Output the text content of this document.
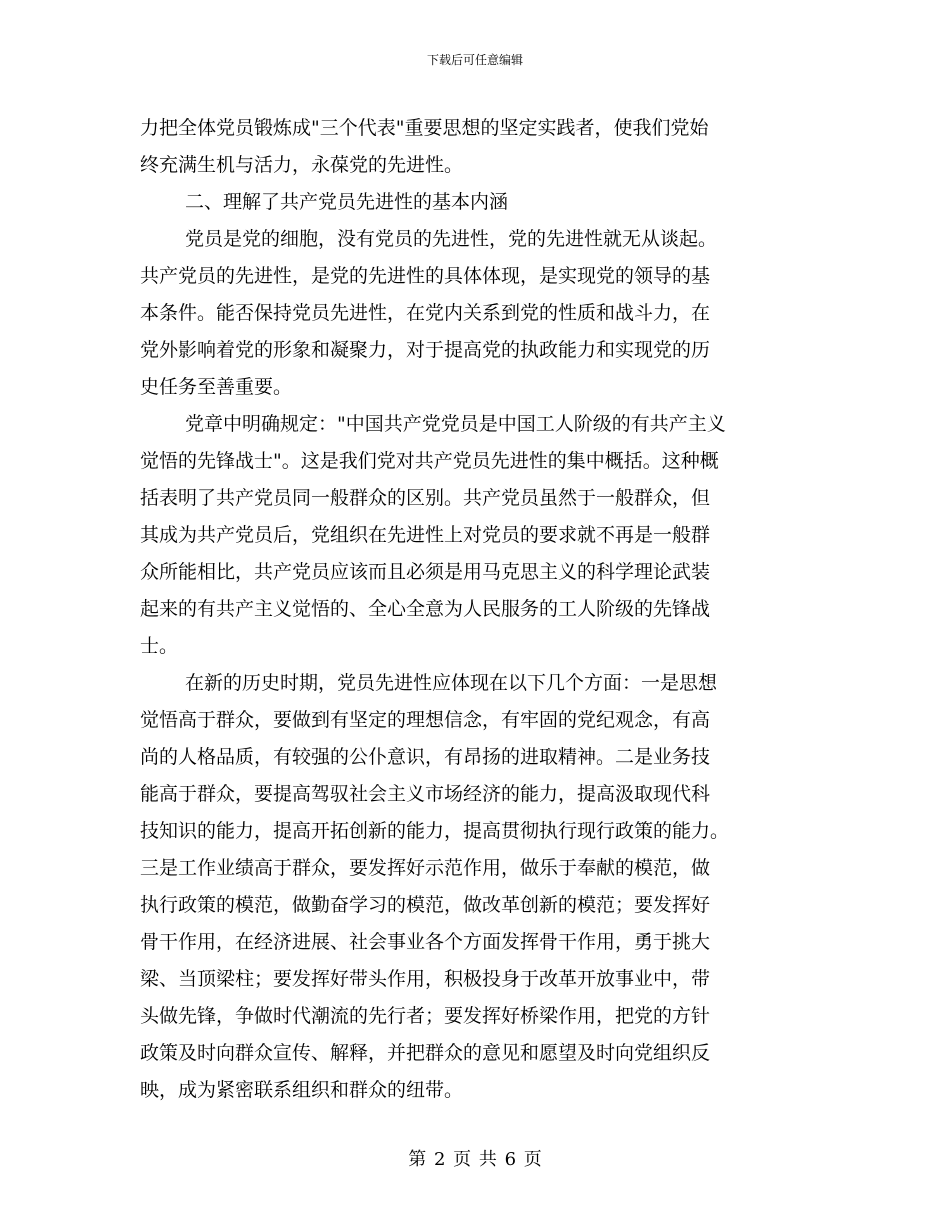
下载后可任意编辑
力把全体党员锻炼成"三个代表"重要思想的坚定实践者，使我们党始
终充满生机与活力，永葆党的先进性。
二、理解了共产党员先进性的基本内涵
党员是党的细胞，没有党员的先进性，党的先进性就无从谈起。
共产党员的先进性，是党的先进性的具体体现，是实现党的领导的基
本条件。能否保持党员先进性，在党内关系到党的性质和战斗力，在
党外影响着党的形象和凝聚力，对于提高党的执政能力和实现党的历
史任务至善重要。
党章中明确规定："中国共产党党员是中国工人阶级的有共产主义
觉悟的先锋战士"。这是我们党对共产党员先进性的集中概括。这种概
括表明了共产党员同一般群众的区别。共产党员虽然于一般群众，但
其成为共产党员后，党组织在先进性上对党员的要求就不再是一般群
众所能相比，共产党员应该而且必须是用马克思主义的科学理论武装
起来的有共产主义觉悟的、全心全意为人民服务的工人阶级的先锋战
士。
在新的历史时期，党员先进性应体现在以下几个方面：一是思想
觉悟高于群众，要做到有坚定的理想信念，有牢固的党纪观念，有高
尚的人格品质，有较强的公仆意识，有昂扬的进取精神。二是业务技
能高于群众，要提高驾驭社会主义市场经济的能力，提高汲取现代科
技知识的能力，提高开拓创新的能力，提高贯彻执行现行政策的能力。
三是工作业绩高于群众，要发挥好示范作用，做乐于奉献的模范，做
执行政策的模范，做勤奋学习的模范，做改革创新的模范；要发挥好
骨干作用，在经济进展、社会事业各个方面发挥骨干作用，勇于挑大
梁、当顶梁柱；要发挥好带头作用，积极投身于改革开放事业中，带
头做先锋，争做时代潮流的先行者；要发挥好桥梁作用，把党的方针
政策及时向群众宣传、解释，并把群众的意见和愿望及时向党组织反
映，成为紧密联系组织和群众的纽带。
第 2 页 共 6 页
